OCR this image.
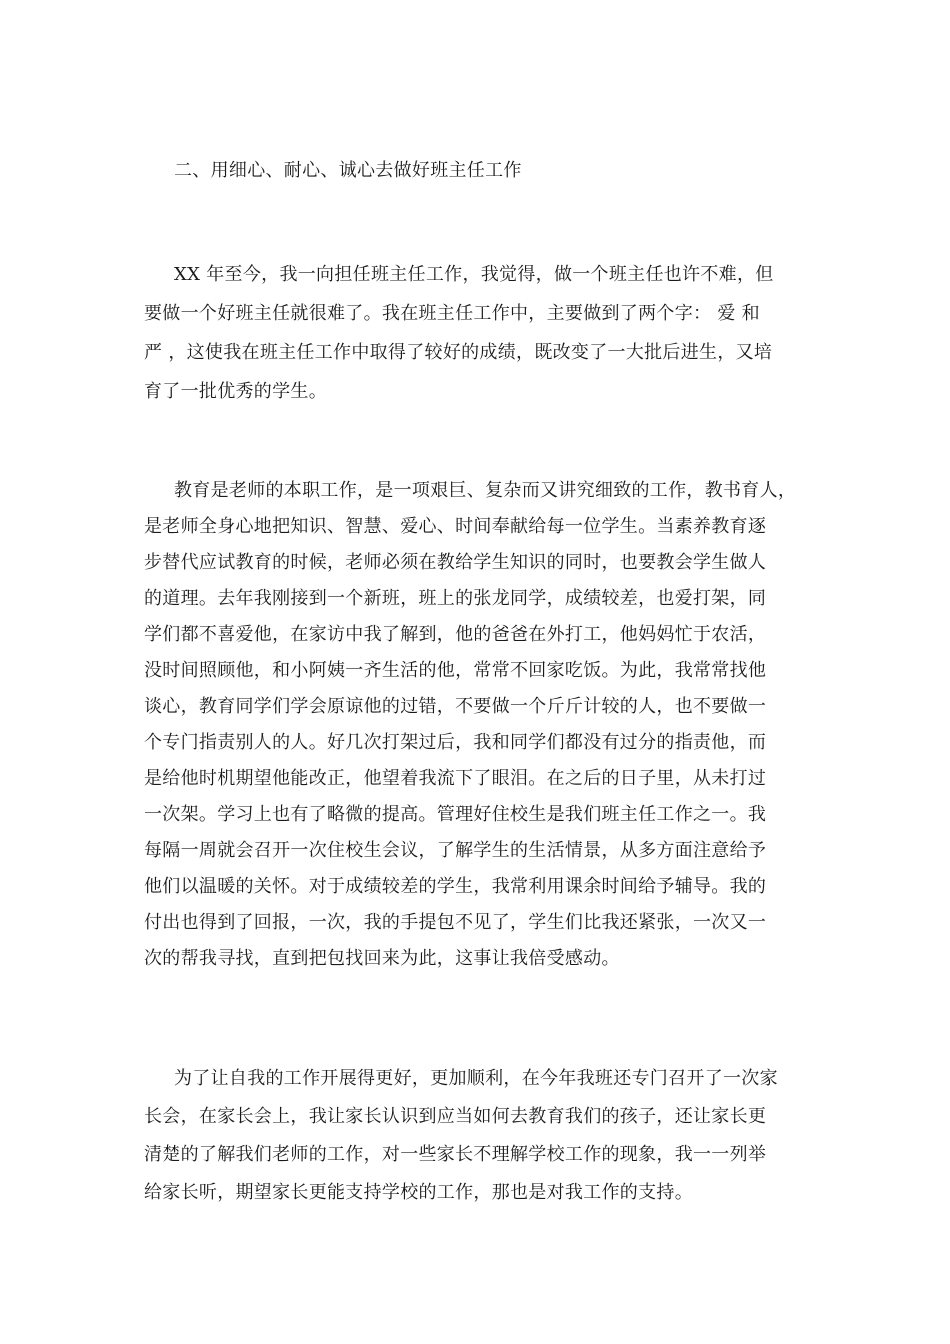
二、用细心、耐心、诚心去做好班主任工作
XX 年至今，我一向担任班主任工作，我觉得，做一个班主任也许不难，但
要做一个好班主任就很难了。我在班主任工作中，主要做到了两个字： 爱 和
严 ，这使我在班主任工作中取得了较好的成绩，既改变了一大批后进生，又培
育了一批优秀的学生。
教育是老师的本职工作，是一项艰巨、复杂而又讲究细致的工作，教书育人，
是老师全身心地把知识、智慧、爱心、时间奉献给每一位学生。当素养教育逐
步替代应试教育的时候，老师必须在教给学生知识的同时，也要教会学生做人
的道理。去年我刚接到一个新班，班上的张龙同学，成绩较差，也爱打架，同
学们都不喜爱他，在家访中我了解到，他的爸爸在外打工，他妈妈忙于农活，
没时间照顾他，和小阿姨一齐生活的他，常常不回家吃饭。为此，我常常找他
谈心，教育同学们学会原谅他的过错，不要做一个斤斤计较的人，也不要做一
个专门指责别人的人。好几次打架过后，我和同学们都没有过分的指责他，而
是给他时机期望他能改正，他望着我流下了眼泪。在之后的日子里，从未打过
一次架。学习上也有了略微的提高。管理好住校生是我们班主任工作之一。我
每隔一周就会召开一次住校生会议，了解学生的生活情景，从多方面注意给予
他们以温暖的关怀。对于成绩较差的学生，我常利用课余时间给予辅导。我的
付出也得到了回报，一次，我的手提包不见了，学生们比我还紧张，一次又一
次的帮我寻找，直到把包找回来为此，这事让我倍受感动。
为了让自我的工作开展得更好，更加顺利，在今年我班还专门召开了一次家
长会，在家长会上，我让家长认识到应当如何去教育我们的孩子，还让家长更
清楚的了解我们老师的工作，对一些家长不理解学校工作的现象，我一一列举
给家长听，期望家长更能支持学校的工作，那也是对我工作的支持。
